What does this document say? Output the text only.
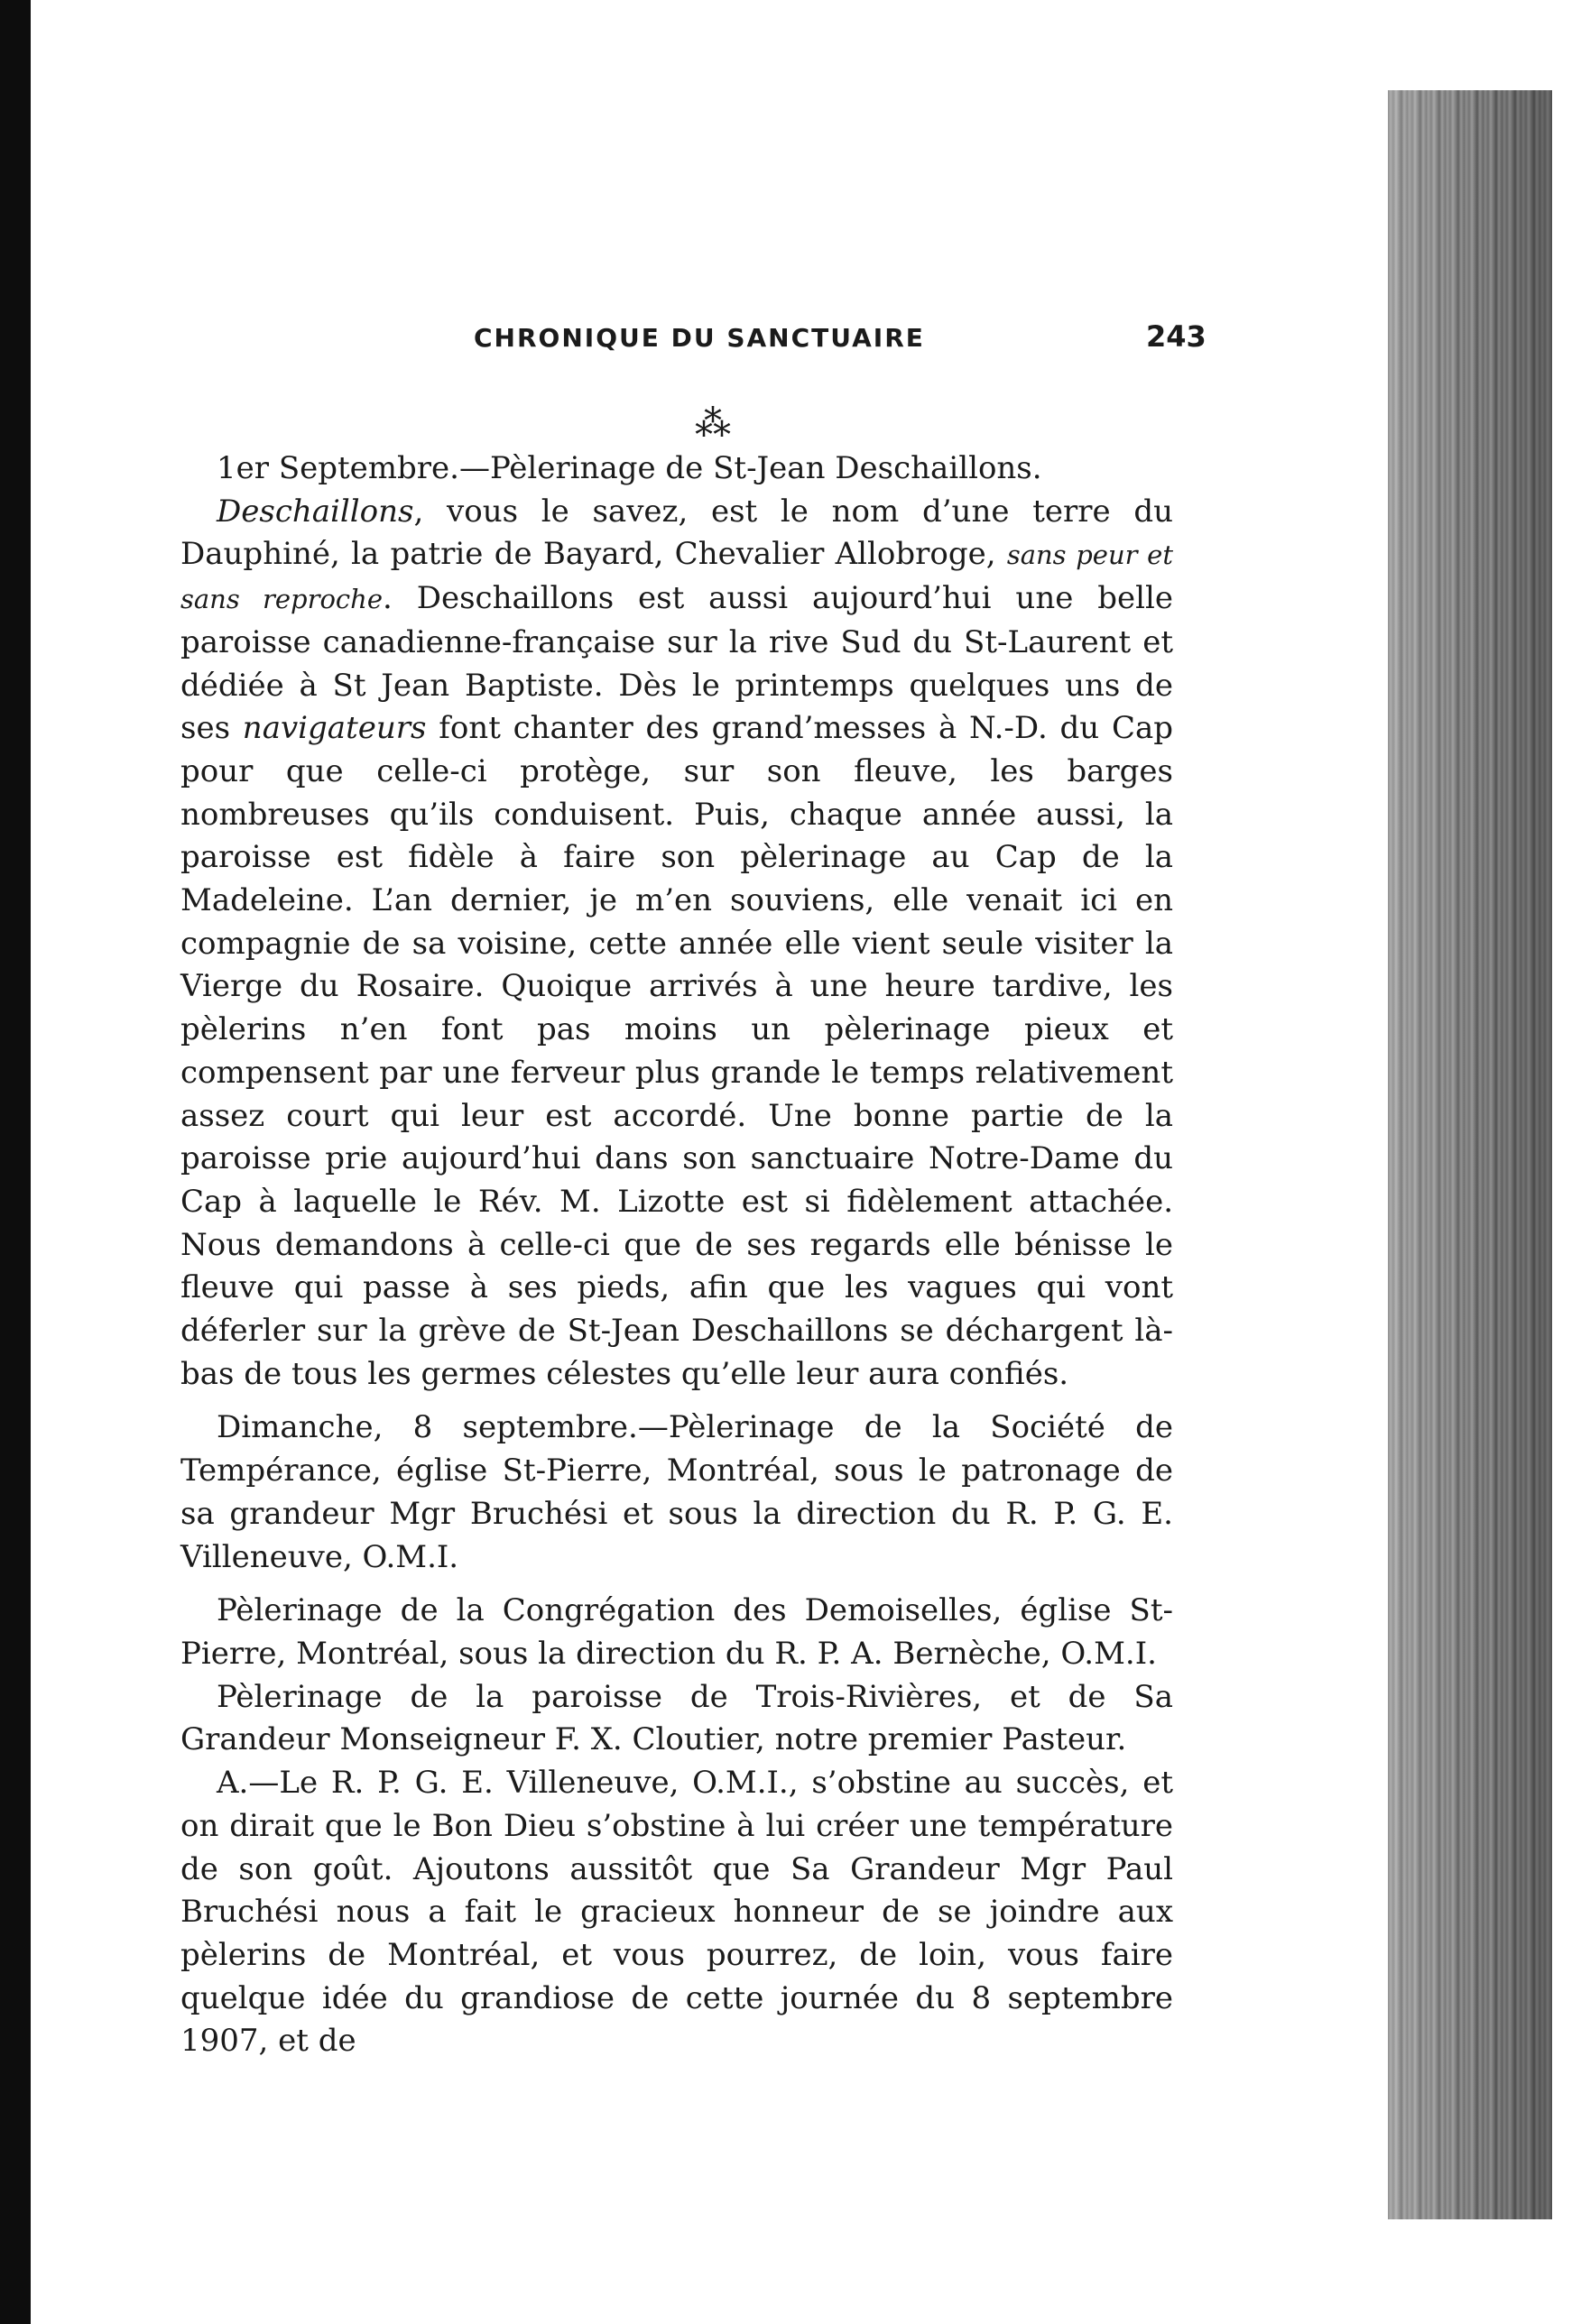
CHRONIQUE DU SANCTUAIRE	243
⁂

1er Septembre.—Pèlerinage de St-Jean Deschaillons.

Deschaillons, vous le savez, est le nom d’une terre du Dauphiné, la patrie de Bayard, Chevalier Allobroge, sans peur et sans reproche. Deschaillons est aussi aujourd’hui une belle paroisse canadienne-française sur la rive Sud du St-Laurent et dédiée à St Jean Baptiste. Dès le printemps quelques uns de ses navigateurs font chanter des grand’messes à N.-D. du Cap pour que celle-ci protège, sur son fleuve, les barges nombreuses qu’ils conduisent. Puis, chaque année aussi, la paroisse est fidèle à faire son pèlerinage au Cap de la Madeleine. L’an dernier, je m’en souviens, elle venait ici en compagnie de sa voisine, cette année elle vient seule visiter la Vierge du Rosaire. Quoique arrivés à une heure tardive, les pèlerins n’en font pas moins un pèlerinage pieux et compensent par une ferveur plus grande le temps relativement assez court qui leur est accordé. Une bonne partie de la paroisse prie aujourd’hui dans son sanctuaire Notre-Dame du Cap à laquelle le Rév. M. Lizotte est si fidèlement attachée. Nous demandons à celle-ci que de ses regards elle bénisse le fleuve qui passe à ses pieds, afin que les vagues qui vont déferler sur la grève de St-Jean Deschaillons se déchargent là-bas de tous les germes célestes qu’elle leur aura confiés.

Dimanche, 8 septembre.—Pèlerinage de la Société de Tempérance, église St-Pierre, Montréal, sous le patronage de sa grandeur Mgr Bruchési et sous la direction du R. P. G. E. Villeneuve, O.M.I.

Pèlerinage de la Congrégation des Demoiselles, église St-Pierre, Montréal, sous la direction du R. P. A. Bernèche, O.M.I.

Pèlerinage de la paroisse de Trois-Rivières, et de Sa Grandeur Monseigneur F. X. Cloutier, notre premier Pasteur.

A.—Le R. P. G. E. Villeneuve, O.M.I., s’obstine au succès, et on dirait que le Bon Dieu s’obstine à lui créer une température de son goût. Ajoutons aussitôt que Sa Grandeur Mgr Paul Bruchési nous a fait le gracieux honneur de se joindre aux pèlerins de Montréal, et vous pourrez, de loin, vous faire quelque idée du grandiose de cette journée du 8 septembre 1907, et de
